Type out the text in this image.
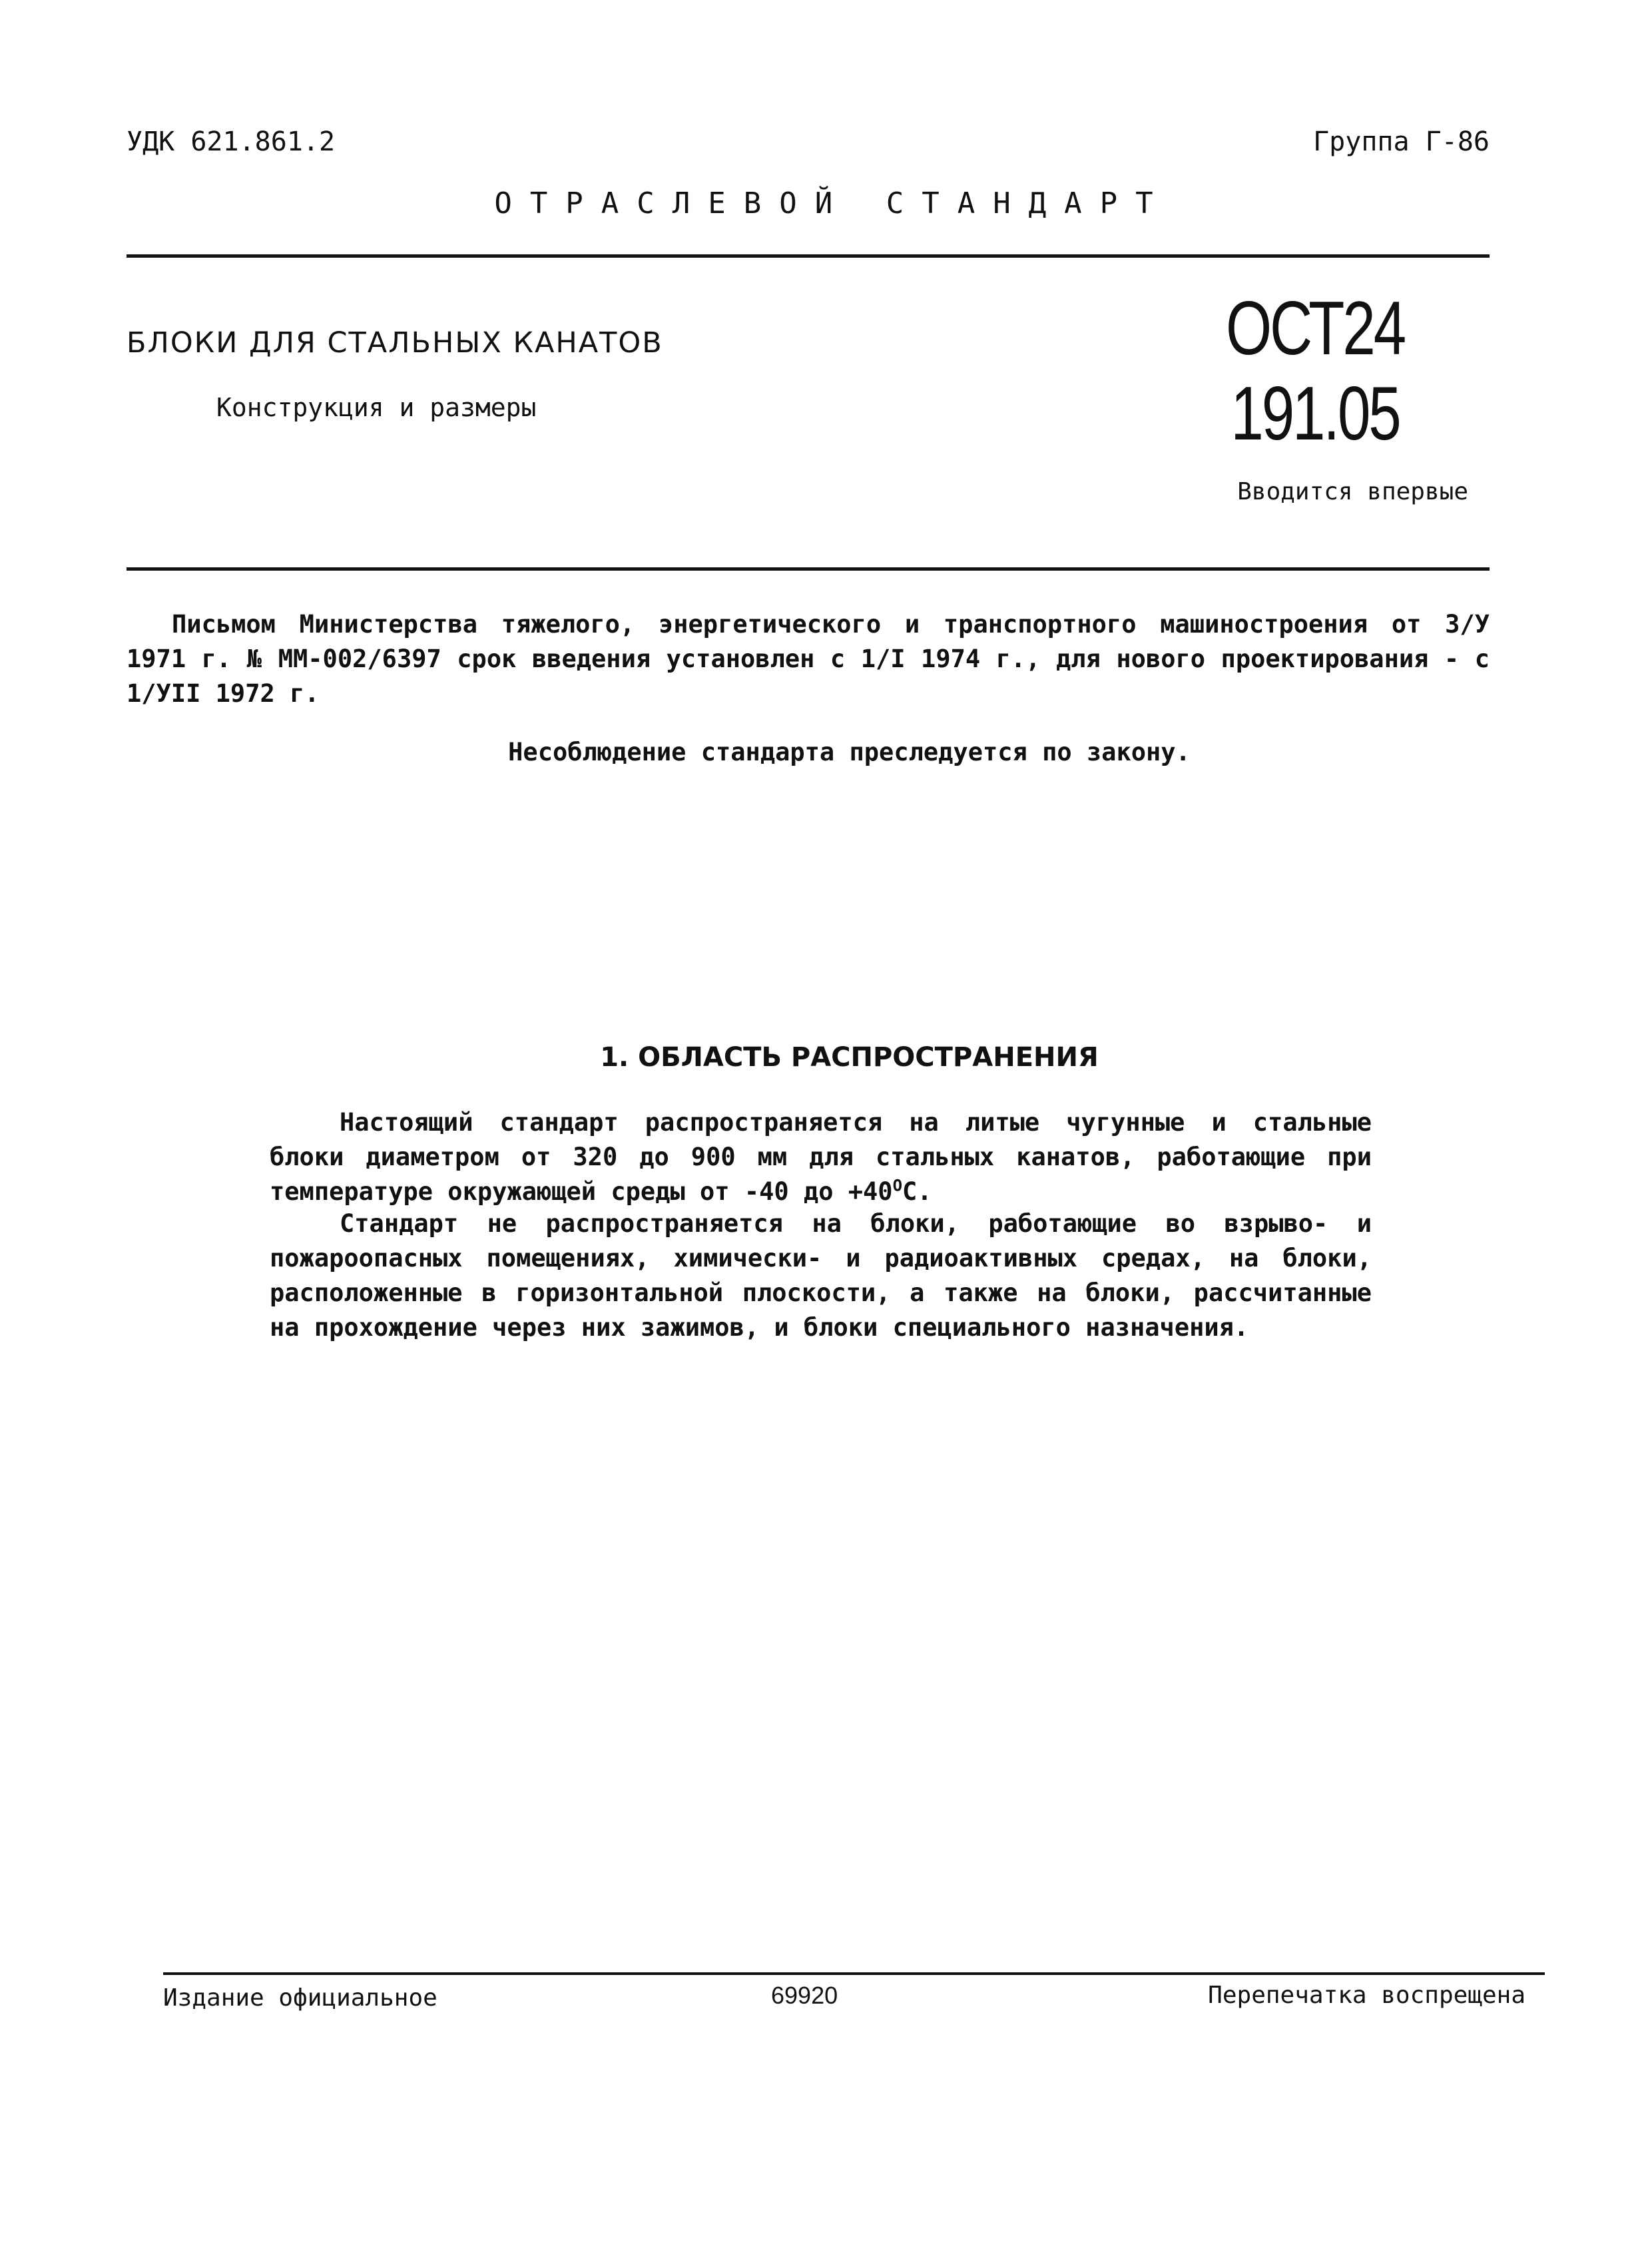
УДК 621.861.2	Группа Г-86
ОТРАСЛЕВОЙ СТАНДАРТ
БЛОКИ ДЛЯ СТАЛЬНЫХ КАНАТОВ
Конструкция и размеры
ОСТ24
191.05
Вводится впервые
Письмом Министерства тяжелого, энергетического и транспортного машиностроения от 3/У 1971 г. № ММ-002/6397 срок введения установлен с 1/I 1974 г., для нового проектирования - с 1/УII 1972 г.
Несоблюдение стандарта преследуется по закону.
1. ОБЛАСТЬ РАСПРОСТРАНЕНИЯ
Настоящий стандарт распространяется на литые чугунные и стальные блоки диаметром от 320 до 900 мм для стальных канатов, работающие при температуре окружающей среды от -40 до $+40^ОС$.
Стандарт не распространяется на блоки, работающие во взрыво- и пожароопасных помещениях, химически- и радиоактивных средах, на блоки, расположенные в горизонтальной плоскости, а также на блоки, рассчитанные на прохождение через них зажимов, и блоки специального назначения.
Издание официальное	69920	Перепечатка воспрещена
